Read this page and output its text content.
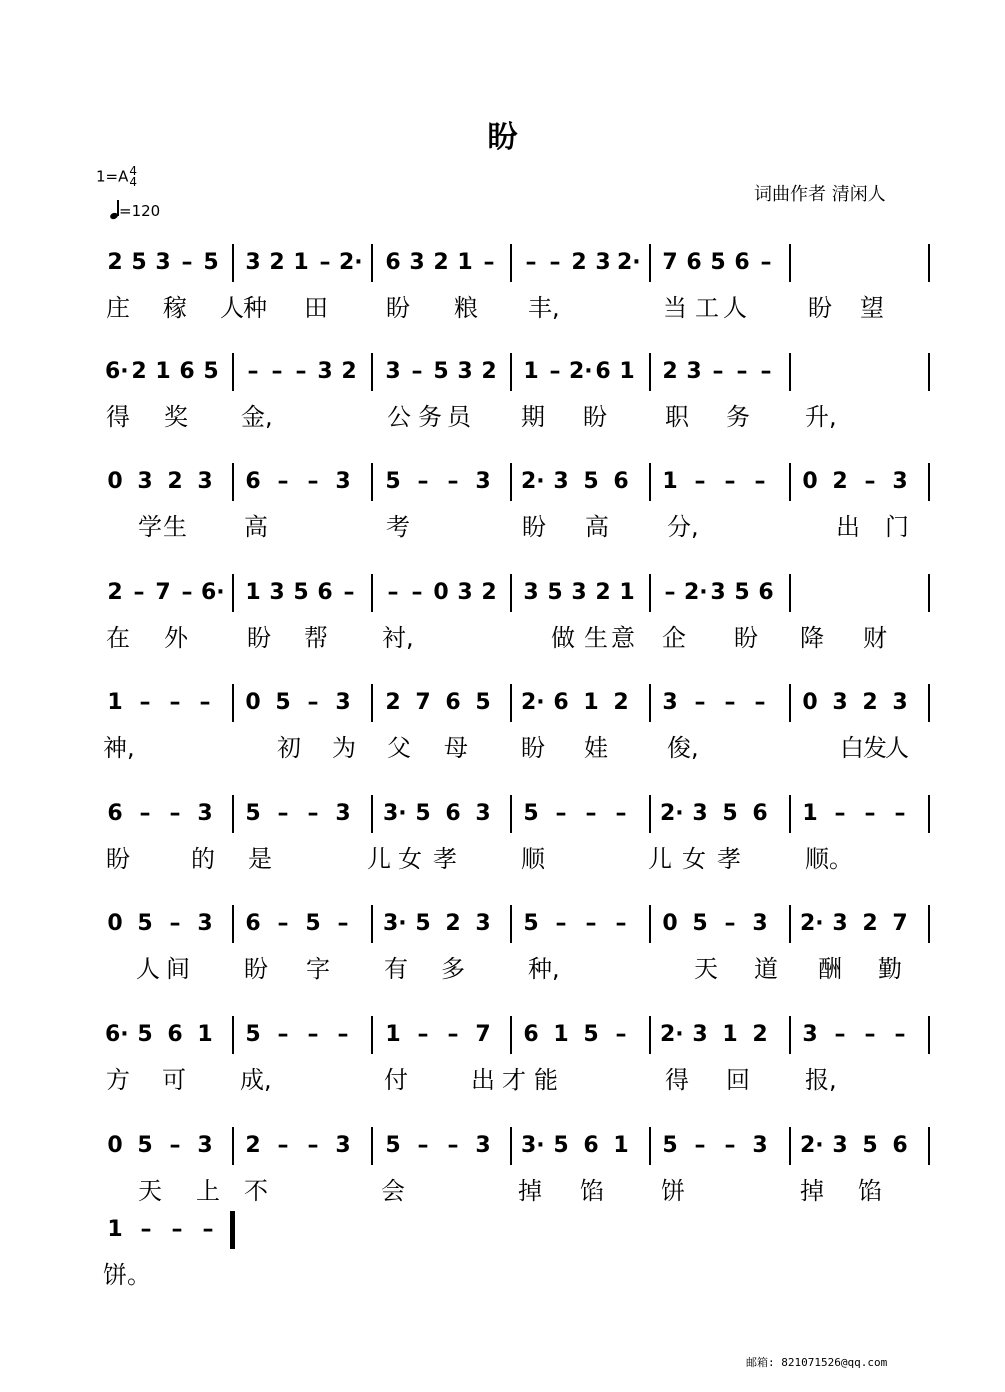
盼
1=A4
4
=120
词曲作者 清闲人
2 5 3 – 5 3 2 1 – 2· 6 3 2 1 – – – 2 3 2· 7 6 5 6 –
庄 稼 人 种 田 盼 粮 丰,	当 工 人	盼 望
6· 2 1 6 5 – – – 3 2 3 – 5 3 2 1 – 2· 6 1 2 3 – – –
得 奖 金,	公 务 员 期 盼 职 务 升,
0 3 2 3 6 – – 3 5 – – 3 2· 3 5 6 1 – – – 0 2 – 3
学 生 高	考	盼 高 分,	出 门
2 – 7 – 6· 1 3 5 6 – – – 0 3 2 3 5 3 2 1 – 2· 3 5 6
在 外 盼 帮 衬,	做 生 意 企 盼 降 财
1 – – – 0 5 – 3 2 7 6 5 2· 6 1 2 3 – – – 0 3 2 3
神,	初 为 父 母 盼 娃 俊,	白 发
人
6 – – 3 5 – – 3 3· 5 6 3 5 – – – 2· 3 5 6 1 – – –
盼	的 是	儿 女 孝	顺	儿 女 孝	顺。
0 5 – 3 6 – 5 – 3· 5 2 3 5 – – – 0 5 – 3 2· 3 2 7
人 间 盼 字 有 多	种,	天 道 酬 勤
6· 5 6 1 5 – – – 1 – – 7 6 1 5 – 2· 3 1 2 3 – – –
方 可 成,	付	出 才 能	得 回 报,
0 5 – 3 2 – – 3 5 – – 3 3· 5 6 1 5 – – 3 2· 3 5 6
天 上 不	会	掉 馅 饼	掉 馅
1 – – –
饼。
邮箱: 821071526@qq.com
